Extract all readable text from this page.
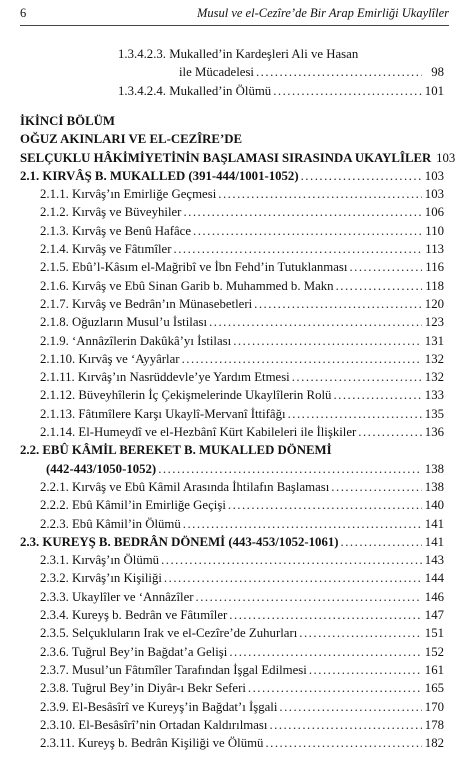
6	Musul ve el-Cezîre’de Bir Arap Emirliği Ukaylîler
1.3.4.2.3. Mukalled’in Kardeşleri Ali ve Hasan
ile Mücadelesi .....	98
1.3.4.2.4. Mukalled’in Ölümü .....	101
İKİNCİ BÖLÜM
OĞUZ AKINLARI VE EL-CEZÎRE’DE
SELÇUKLU HÂKİMİYETİNİN BAŞLAMASI SIRASINDA UKAYLÎLER 103
2.1. KIRVÂŞ B. MUKALLED (391-444/1001-1052) .....	103
2.1.1. Kırvâş’ın Emirliğe Geçmesi .....	103
2.1.2. Kırvâş ve Büveyhiler .....	106
2.1.3. Kırvâş ve Benû Hafâce .....	110
2.1.4. Kırvâş ve Fâtımîler .....	113
2.1.5. Ebû’l-Kâsım el-Mağribî ve İbn Fehd’in Tutuklanması .....	116
2.1.6. Kırvâş ve Ebû Sinan Garib b. Muhammed b. Makn .....	118
2.1.7. Kırvâş ve Bedrân’ın Münasebetleri .....	120
2.1.8. Oğuzların Musul’u İstilası .....	123
2.1.9. ‘Annâzîlerin Dakûkâ’yı İstilası .....	131
2.1.10. Kırvâş ve ‘Ayyârlar .....	132
2.1.11. Kırvâş’ın Nasrüddevle’ye Yardım Etmesi .....	132
2.1.12. Büveyhîlerin İç Çekişmelerinde Ukaylîlerin Rolü .....	133
2.1.13. Fâtımîlere Karşı Ukaylî-Mervanî İttifâğı .....	135
2.1.14. El-Humeydî ve el-Hezbânî Kürt Kabileleri ile İlişkiler .....	136
2.2. EBÛ KÂMİL BEREKET B. MUKALLED DÖNEMİ
(442-443/1050-1052) .....	138
2.2.1. Kırvâş ve Ebû Kâmil Arasında İhtilafın Başlaması .....	138
2.2.2. Ebû Kâmil’in Emirliğe Geçişi .....	140
2.2.3. Ebû Kâmil’in Ölümü .....	141
2.3. KUREYŞ B. BEDRÂN DÖNEMİ (443-453/1052-1061) .....	141
2.3.1. Kırvâş’ın Ölümü .....	143
2.3.2. Kırvâş’ın Kişiliği .....	144
2.3.3. Ukaylîler ve ‘Annâzîler .....	146
2.3.4. Kureyş b. Bedrân ve Fâtımîler .....	147
2.3.5. Selçukluların Irak ve el-Cezîre’de Zuhurları .....	151
2.3.6. Tuğrul Bey’in Bağdat’a Gelişi .....	152
2.3.7. Musul’un Fâtımîler Tarafından İşgal Edilmesi .....	161
2.3.8. Tuğrul Bey’in Diyâr-ı Bekr Seferi .....	165
2.3.9. El-Besâsîrî ve Kureyş’in Bağdat’ı İşgali .....	170
2.3.10. El-Besâsîrî’nin Ortadan Kaldırılması .....	178
2.3.11. Kureyş b. Bedrân Kişiliği ve Ölümü .....	182
